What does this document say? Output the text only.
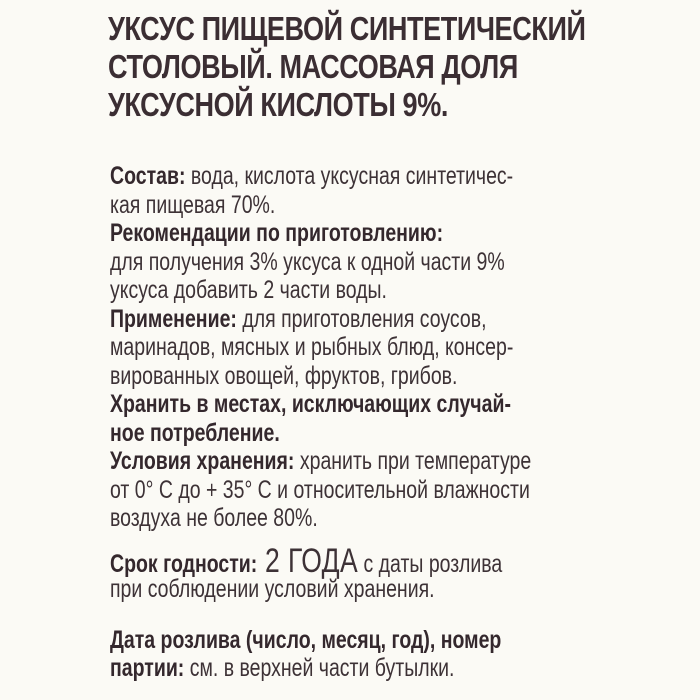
УКСУС ПИЩЕВОЙ СИНТЕТИЧЕСКИЙ
СТОЛОВЫЙ. МАССОВАЯ ДОЛЯ
УКСУСНОЙ КИСЛОТЫ 9%.
Состав: вода, кислота уксусная синтетичес-
кая пищевая 70%.
Рекомендации по приготовлению:
для получения 3% уксуса к одной части 9%
уксуса добавить 2 части воды.
Применение: для приготовления соусов,
маринадов, мясных и рыбных блюд, консер-
вированных овощей, фруктов, грибов.
Хранить в местах, исключающих случай-
ное потребление.
Условия хранения: хранить при температуре
от 0° С до + 35° С и относительной влажности
воздуха не более 80%.
Срок годности: 2 ГОДА с даты розлива
при соблюдении условий хранения.
Дата розлива (число, месяц, год), номер
партии: см. в верхней части бутылки.
